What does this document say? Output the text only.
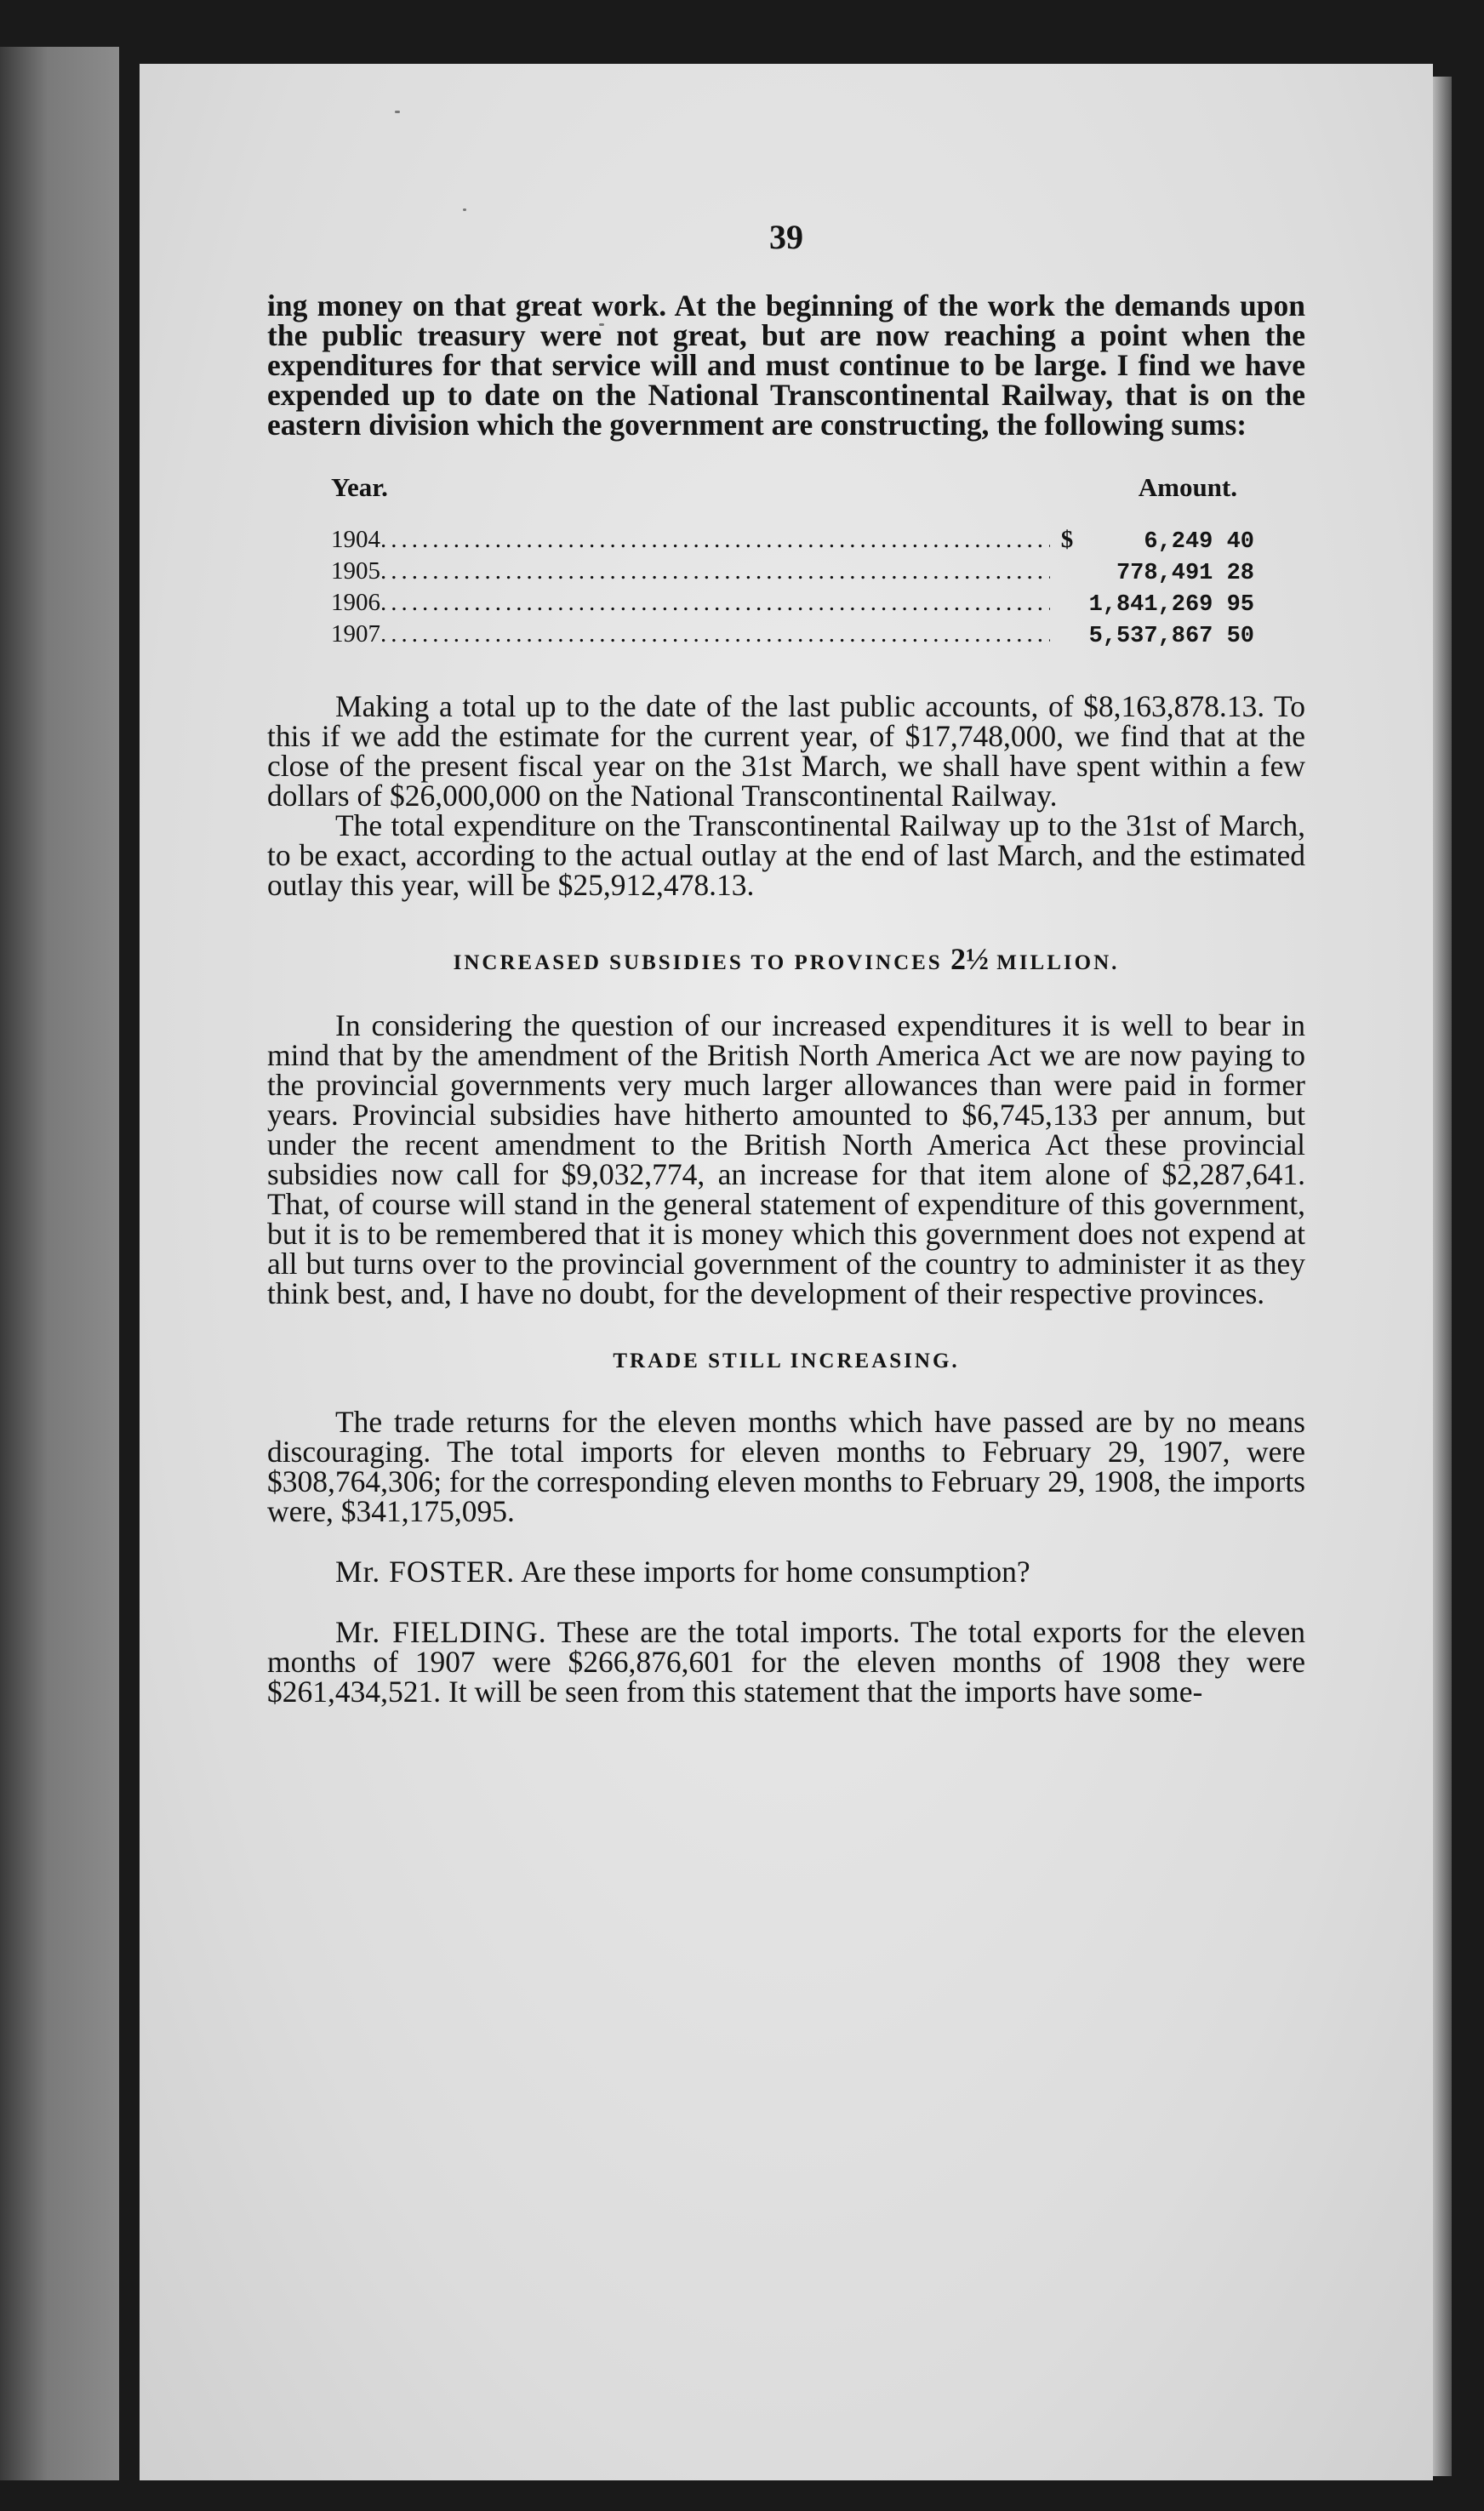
39

ing money on that great work. At the beginning of the work the demands upon the public treasury were not great, but are now reaching a point when the expenditures for that service will and must continue to be large. I find we have expended up to date on the National Transcontinental Railway, that is on the eastern division which the government are constructing, the following sums:

Year.	Amount.
1904 .....	$	6,249 40
1905 .....	778,491 28
1906 .....	1,841,269 95
1907 .....	5,537,867 50

Making a total up to the date of the last public accounts, of $8,163,878.13. To this if we add the estimate for the current year, of $17,748,000, we find that at the close of the present fiscal year on the 31st March, we shall have spent within a few dollars of $26,000,000 on the National Transcontinental Railway.

The total expenditure on the Transcontinental Railway up to the 31st of March, to be exact, according to the actual outlay at the end of last March, and the estimated outlay this year, will be $25,912,478.13.

INCREASED SUBSIDIES TO PROVINCES 2½ MILLION.

In considering the question of our increased expenditures it is well to bear in mind that by the amendment of the British North America Act we are now paying to the provincial governments very much larger allowances than were paid in former years. Provincial subsidies have hitherto amounted to $6,745,133 per annum, but under the recent amendment to the British North America Act these provincial subsidies now call for $9,032,774, an increase for that item alone of $2,287,641. That, of course will stand in the general statement of expenditure of this government, but it is to be remembered that it is money which this government does not expend at all but turns over to the provincial government of the country to administer it as they think best, and, I have no doubt, for the development of their respective provinces.

TRADE STILL INCREASING.

The trade returns for the eleven months which have passed are by no means discouraging. The total imports for eleven months to February 29, 1907, were $308,764,306; for the corresponding eleven months to February 29, 1908, the imports were, $341,175,095.

Mr. FOSTER. Are these imports for home consumption?

Mr. FIELDING. These are the total imports. The total exports for the eleven months of 1907 were $266,876,601 for the eleven months of 1908 they were $261,434,521. It will be seen from this statement that the imports have some-
